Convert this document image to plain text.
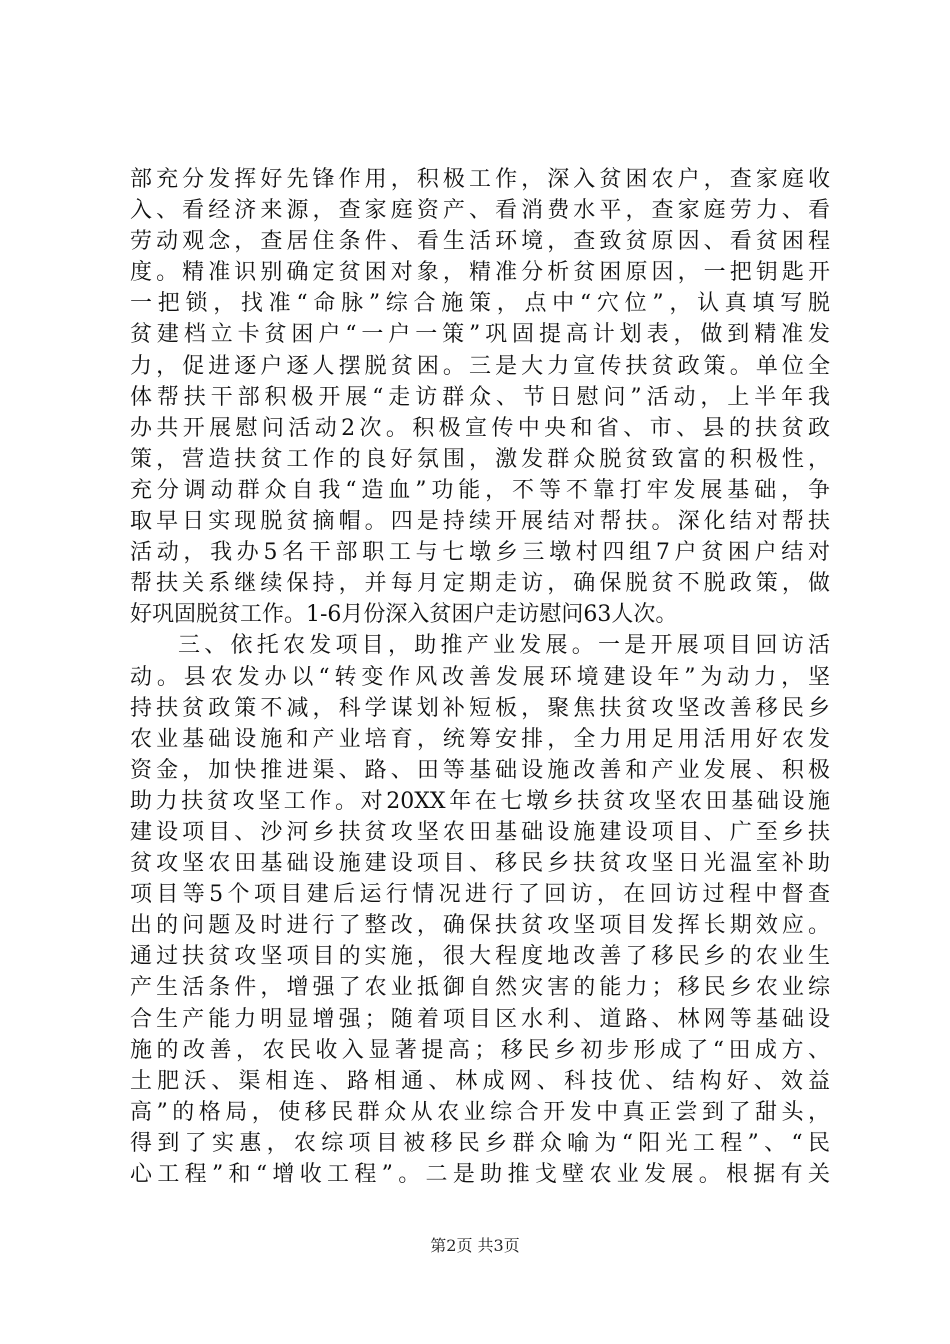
部充分发挥好先锋作用，积极工作，深入贫困农户，查家庭收
入、看经济来源，查家庭资产、看消费水平，查家庭劳力、看
劳动观念，查居住条件、看生活环境，查致贫原因、看贫困程
度。精准识别确定贫困对象，精准分析贫困原因，一把钥匙开
一把锁，找准“命脉”综合施策，点中“穴位”，认真填写脱
贫建档立卡贫困户“一户一策”巩固提高计划表，做到精准发
力，促进逐户逐人摆脱贫困。三是大力宣传扶贫政策。单位全
体帮扶干部积极开展“走访群众、节日慰问”活动，上半年我
办共开展慰问活动2次。积极宣传中央和省、市、县的扶贫政
策，营造扶贫工作的良好氛围，激发群众脱贫致富的积极性，
充分调动群众自我“造血”功能，不等不靠打牢发展基础，争
取早日实现脱贫摘帽。四是持续开展结对帮扶。深化结对帮扶
活动，我办5名干部职工与七墩乡三墩村四组7户贫困户结对
帮扶关系继续保持，并每月定期走访，确保脱贫不脱政策，做
好巩固脱贫工作。1-6月份深入贫困户走访慰问63人次。
三、依托农发项目，助推产业发展。一是开展项目回访活
动。县农发办以“转变作风改善发展环境建设年”为动力，坚
持扶贫政策不减，科学谋划补短板，聚焦扶贫攻坚改善移民乡
农业基础设施和产业培育，统筹安排，全力用足用活用好农发
资金，加快推进渠、路、田等基础设施改善和产业发展、积极
助力扶贫攻坚工作。对20XX年在七墩乡扶贫攻坚农田基础设施
建设项目、沙河乡扶贫攻坚农田基础设施建设项目、广至乡扶
贫攻坚农田基础设施建设项目、移民乡扶贫攻坚日光温室补助
项目等5个项目建后运行情况进行了回访，在回访过程中督查
出的问题及时进行了整改，确保扶贫攻坚项目发挥长期效应。
通过扶贫攻坚项目的实施，很大程度地改善了移民乡的农业生
产生活条件，增强了农业抵御自然灾害的能力；移民乡农业综
合生产能力明显增强；随着项目区水利、道路、林网等基础设
施的改善，农民收入显著提高；移民乡初步形成了“田成方、
土肥沃、渠相连、路相通、林成网、科技优、结构好、效益
高”的格局，使移民群众从农业综合开发中真正尝到了甜头，
得到了实惠，农综项目被移民乡群众喻为“阳光工程”、“民
心工程”和“增收工程”。二是助推戈壁农业发展。根据有关
第2页 共3页
